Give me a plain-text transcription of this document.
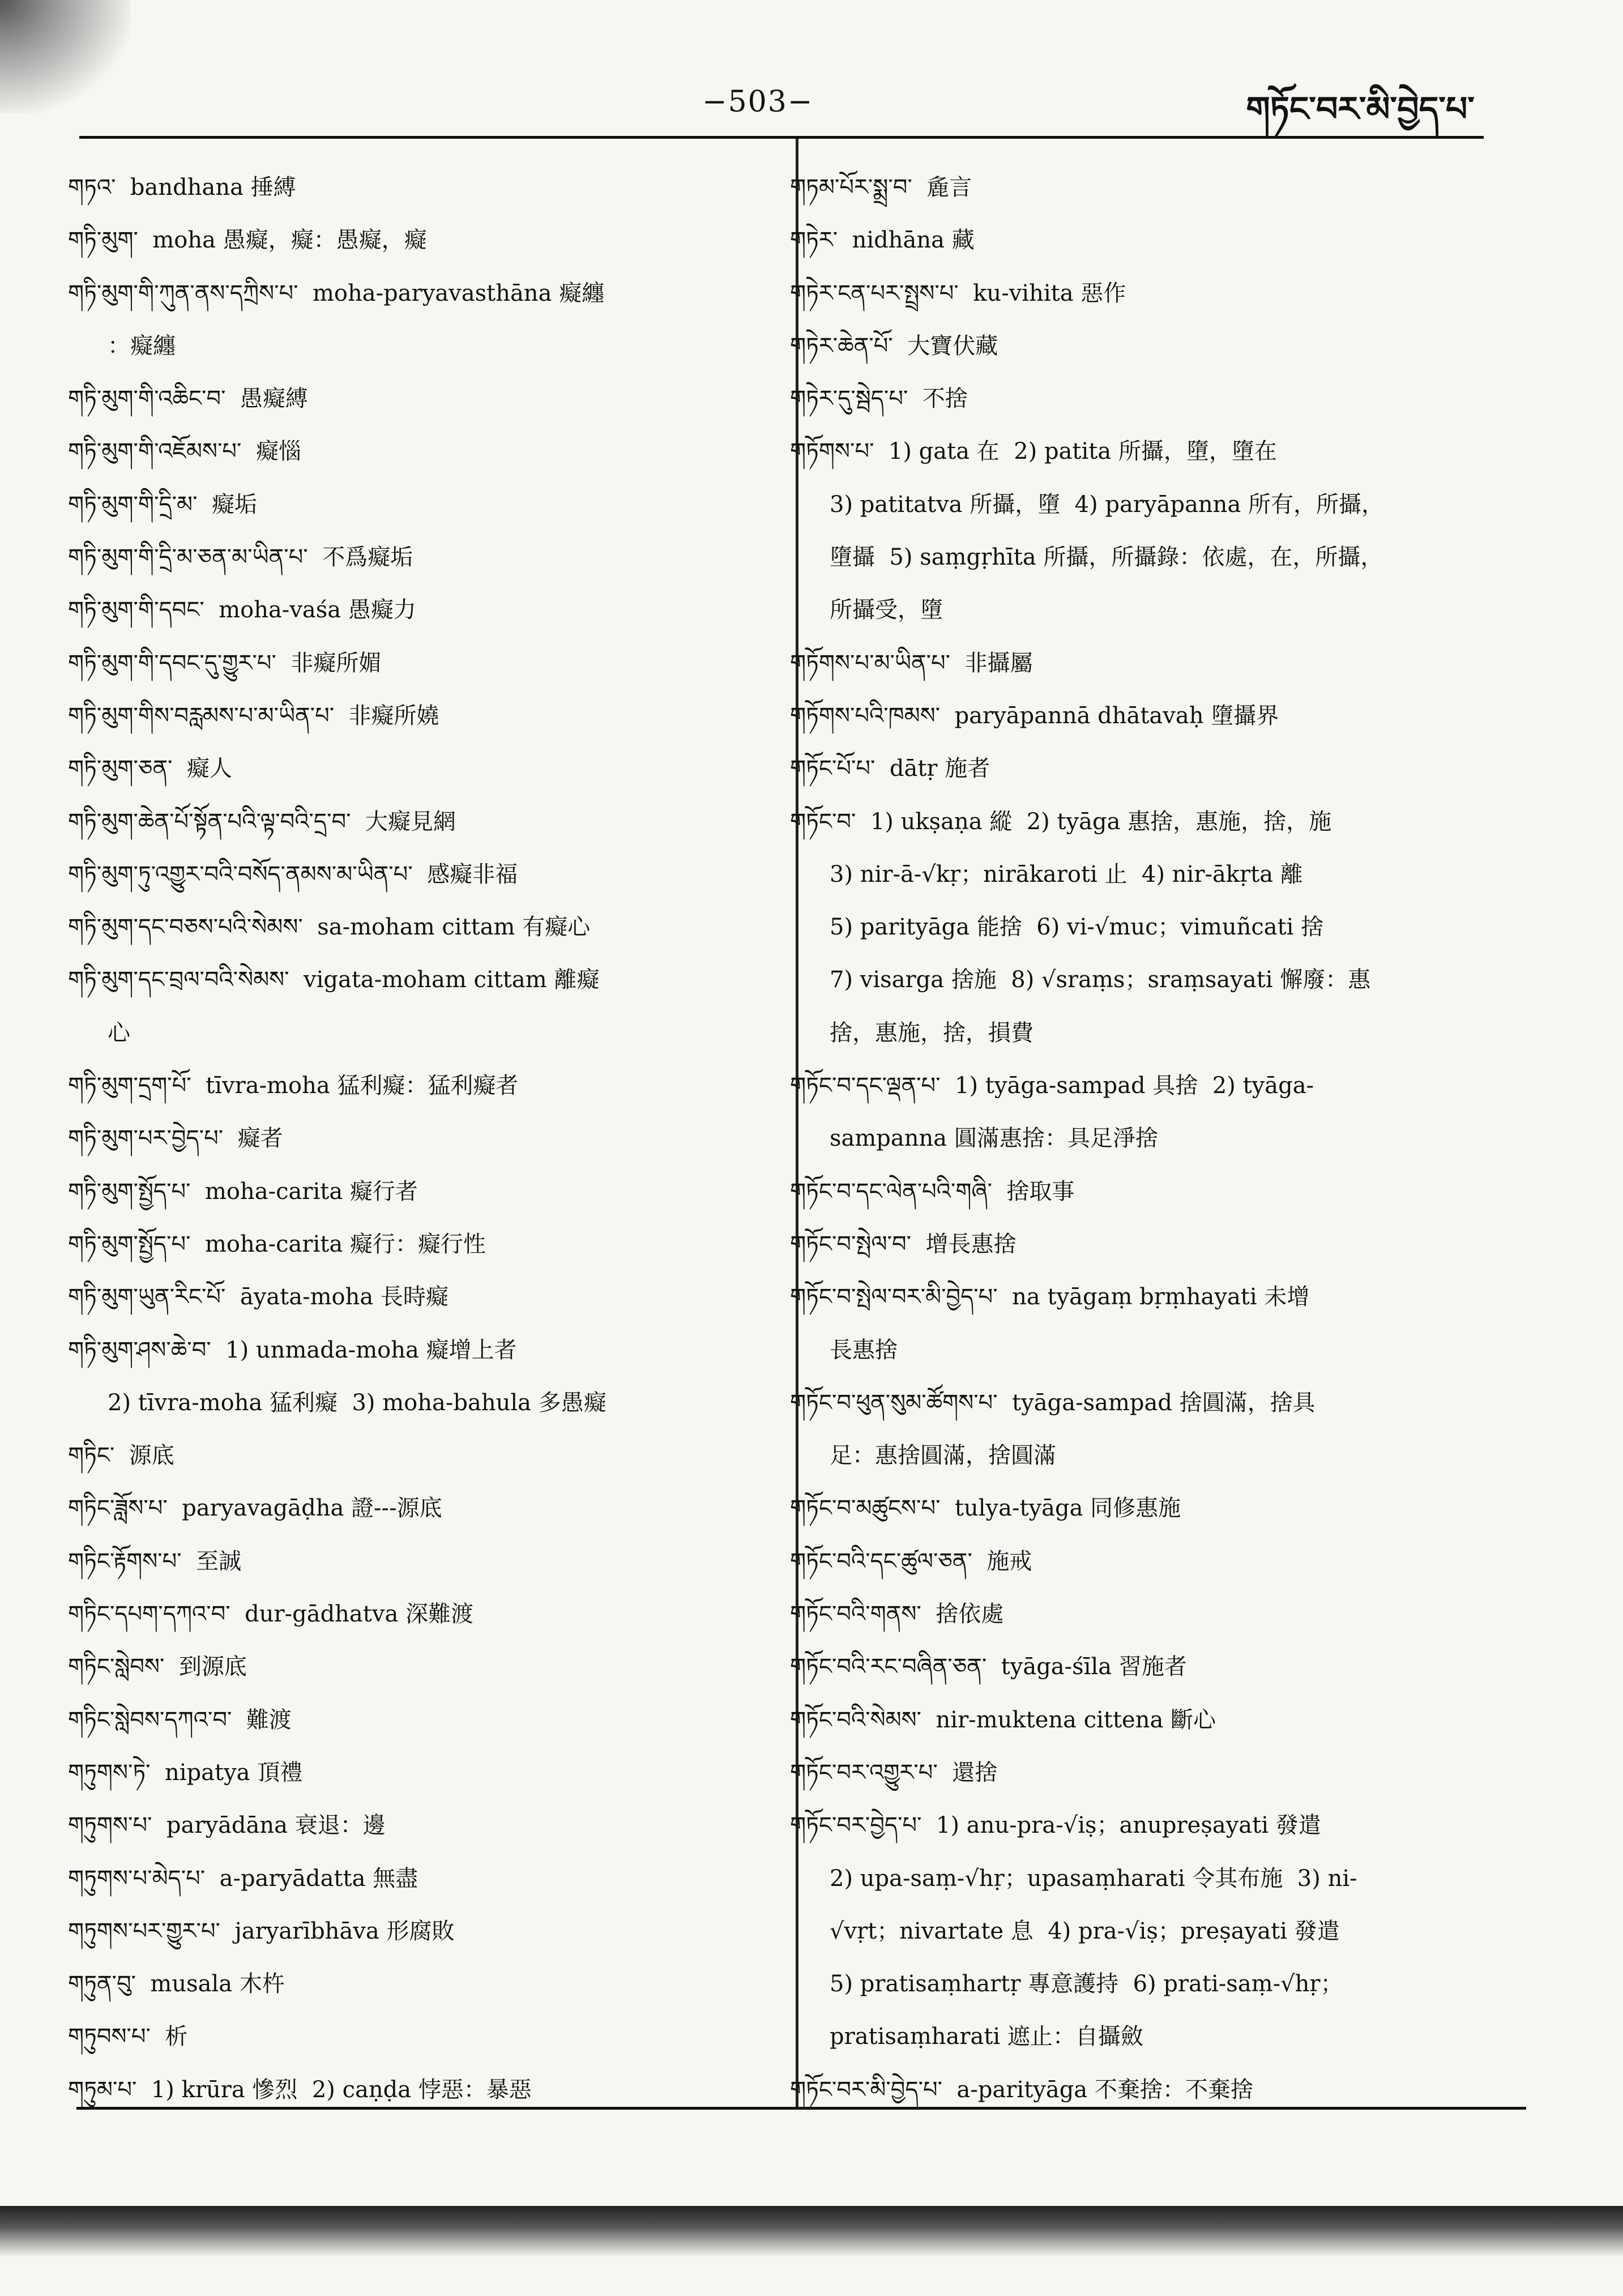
−503−	གཏོང་བར་མི་བྱེད་པ་
གཏའ་  bandhana 捶縛
གཏི་མུག་  moha 愚癡，癡：愚癡，癡
གཏི་མུག་གི་ཀུན་ནས་དཀྲིས་པ་  moha-paryavasthāna 癡纏
：癡纏
གཏི་མུག་གི་འཆིང་བ་  愚癡縛
གཏི་མུག་གི་འཇོམས་པ་  癡惱
གཏི་མུག་གི་དྲི་མ་  癡垢
གཏི་མུག་གི་དྲི་མ་ཅན་མ་ཡིན་པ་  不爲癡垢
གཏི་མུག་གི་དབང་  moha-vaśa 愚癡力
གཏི་མུག་གི་དབང་དུ་གྱུར་པ་  非癡所媚
གཏི་མུག་གིས་བརླམས་པ་མ་ཡིན་པ་  非癡所嬈
གཏི་མུག་ཅན་  癡人
གཏི་མུག་ཆེན་པོ་སྟོན་པའི་ལྟ་བའི་དྲ་བ་  大癡見網
གཏི་མུག་ཏུ་འགྱུར་བའི་བསོད་ནམས་མ་ཡིན་པ་  感癡非福
གཏི་མུག་དང་བཅས་པའི་སེམས་  sa-moham cittam 有癡心
གཏི་མུག་དང་བྲལ་བའི་སེམས་  vigata-moham cittam 離癡
心
གཏི་མུག་དྲག་པོ་  tīvra-moha 猛利癡：猛利癡者
གཏི་མུག་པར་བྱེད་པ་  癡者
གཏི་མུག་སྤྱོད་པ་  moha-carita 癡行者
གཏི་མུག་སྤྱོད་པ་  moha-carita 癡行：癡行性
གཏི་མུག་ཡུན་རིང་པོ་  āyata-moha 長時癡
གཏི་མུག་ཤས་ཆེ་བ་  1) unmada-moha 癡增上者
2) tīvra-moha 猛利癡  3) moha-bahula 多愚癡
གཏིང་  源底
གཏིང་ཟློས་པ་  paryavagāḍha 證---源底
གཏིང་རྟོགས་པ་  至誠
གཏིང་དཔག་དཀའ་བ་  dur-gādhatva 深難渡
གཏིང་སླེབས་  到源底
གཏིང་སླེབས་དཀའ་བ་  難渡
གཏུགས་ཏེ་  nipatya 頂禮
གཏུགས་པ་  paryādāna 衰退：邊
གཏུགས་པ་མེད་པ་  a-paryādatta 無盡
གཏུགས་པར་གྱུར་པ་  jaryarībhāva 形腐敗
གཏུན་བུ་  musala 木杵
གཏུབས་པ་  析
གཏུམ་པ་  1) krūra 慘烈  2) caṇḍa 悖惡：暴惡
གཏམ་པོར་སྨྲ་བ་  麁言
གཏེར་  nidhāna 藏
གཏེར་ངན་པར་སྤྲས་པ་  ku-vihita 惡作
གཏེར་ཆེན་པོ་  大寶伏藏
གཏེར་དུ་སྦེད་པ་  不捨
གཏོགས་པ་  1) gata 在  2) patita 所攝，墮，墮在
3) patitatva 所攝，墮  4) paryāpanna 所有，所攝，
墮攝  5) saṃgṛhīta 所攝，所攝錄：依處，在，所攝，
所攝受，墮
གཏོགས་པ་མ་ཡིན་པ་  非攝屬
གཏོགས་པའི་ཁམས་  paryāpannā dhātavaḥ 墮攝界
གཏོང་པོ་པ་  dātṛ 施者
གཏོང་བ་  1) ukṣaṇa 縱  2) tyāga 惠捨，惠施，捨，施
3) nir-ā-√kṛ；nirākaroti 止  4) nir-ākṛta 離
5) parityāga 能捨  6) vi-√muc；vimuñcati 捨
7) visarga 捨施  8) √sraṃs；sraṃsayati 懈廢：惠
捨，惠施，捨，損費
གཏོང་བ་དང་ལྡན་པ་  1) tyāga-sampad 具捨  2) tyāga-
sampanna 圓滿惠捨：具足淨捨
གཏོང་བ་དང་ལེན་པའི་གཞི་  捨取事
གཏོང་བ་སྤེལ་བ་  增長惠捨
གཏོང་བ་སྤེལ་བར་མི་བྱེད་པ་  na tyāgaṃ bṛṃhayati 未增
長惠捨
གཏོང་བ་ཕུན་སུམ་ཚོགས་པ་  tyāga-sampad 捨圓滿，捨具
足：惠捨圓滿，捨圓滿
གཏོང་བ་མཚུངས་པ་  tulya-tyāga 同修惠施
གཏོང་བའི་དང་ཚུལ་ཅན་  施戒
གཏོང་བའི་གནས་  捨依處
གཏོང་བའི་རང་བཞིན་ཅན་  tyāga-śīla 習施者
གཏོང་བའི་སེམས་  nir-muktena cittena 斷心
གཏོང་བར་འགྱུར་པ་  還捨
གཏོང་བར་བྱེད་པ་  1) anu-pra-√iṣ；anupreṣayati 發遣
2) upa-saṃ-√hṛ；upasaṃharati 令其布施  3) ni-
√vṛt；nivartate 息  4) pra-√iṣ；preṣayati 發遣
5) pratisaṃhartṛ 專意護持  6) prati-saṃ-√hṛ；
pratisaṃharati 遮止：自攝斂
གཏོང་བར་མི་བྱེད་པ་  a-parityāga 不棄捨：不棄捨
